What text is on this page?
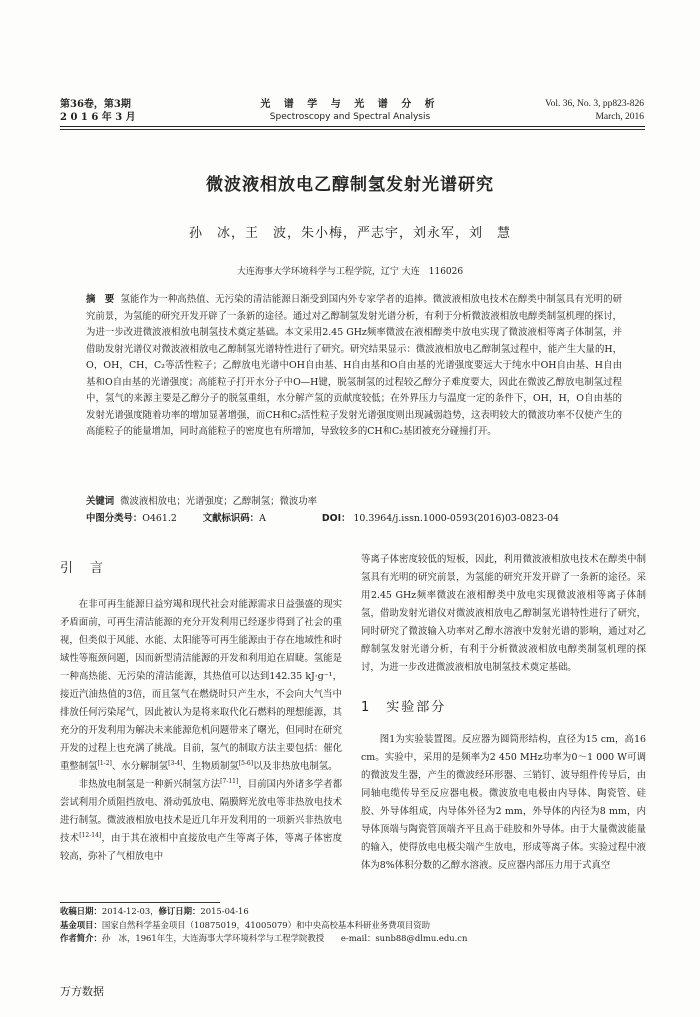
第36卷，第3期
2 0 1 6 年 3 月
光 谱 学 与 光 谱 分 析
Spectroscopy and Spectral Analysis
Vol. 36, No. 3, pp823-826
March, 2016
微波液相放电乙醇制氢发射光谱研究
孙　冰，王　波，朱小梅，严志宇，刘永军，刘　慧
大连海事大学环境科学与工程学院，辽宁 大连　116026
摘　要 氢能作为一种高热值、无污染的清洁能源日渐受到国内外专家学者的追捧。微波液相放电技术在醇类中制氢具有光明的研究前景，为氢能的研究开发开辟了一条新的途径。通过对乙醇制氢发射光谱分析，有利于分析微波液相放电醇类制氢机理的探讨，为进一步改进微波液相放电制氢技术奠定基础。本文采用2.45 GHz频率微波在液相醇类中放电实现了微波液相等离子体制氢，并借助发射光谱仪对微波液相放电乙醇制氢光谱特性进行了研究。研究结果显示：微波液相放电乙醇制氢过程中，能产生大量的H，O，OH，CH，C₂等活性粒子；乙醇放电光谱中OH自由基、H自由基和O自由基的光谱强度要远大于纯水中OH自由基、H自由基和O自由基的光谱强度；高能粒子打开水分子中O—H键，脱氢制氢的过程较乙醇分子难度要大，因此在微波乙醇放电制氢过程中，氢气的来源主要是乙醇分子的脱氢重组，水分解产氢的贡献度较低；在外界压力与温度一定的条件下，OH，H，O自由基的发射光谱强度随着功率的增加显著增强，而CH和C₂活性粒子发射光谱强度则出现减弱趋势，这表明较大的微波功率不仅使产生的高能粒子的能量增加，同时高能粒子的密度也有所增加，导致较多的CH和C₂基团被充分碰撞打开。
关键词 微波液相放电；光谱强度；乙醇制氢；微波功率
中图分类号：O461.2	文献标识码：A	DOI： 10.3964/j.issn.1000-0593(2016)03-0823-04
引　言

在非可再生能源日益穷竭和现代社会对能源需求日益强盛的现实矛盾面前，可再生清洁能源的充分开发利用已经逐步得到了社会的重视，但类似于风能、水能、太阳能等可再生能源由于存在地域性和时域性等瓶颈问题，因而新型清洁能源的开发和利用迫在眉睫。氢能是一种高热能、无污染的清洁能源，其热值可以达到142.35 kJ·g⁻¹，接近汽油热值的3倍，而且氢气在燃烧时只产生水，不会向大气当中排放任何污染尾气，因此被认为是将来取代化石燃料的理想能源，其充分的开发利用为解决未来能源危机问题带来了曙光，但同时在研究开发的过程上也充满了挑战。目前，氢气的制取方法主要包括：催化重整制氢[1-2]、水分解制氢[3-4]、生物质制氢[5-6]以及非热放电制氢。

非热放电制氢是一种新兴制氢方法[7-11]，目前国内外诸多学者都尝试利用介质阻挡放电、滑动弧放电、隔膜辉光放电等非热放电技术进行制氢。微波液相放电技术是近几年开发利用的一项新兴非热放电技术[12-14]，由于其在液相中直接放电产生等离子体，等离子体密度较高，弥补了气相放电中

等离子体密度较低的短板，因此，利用微波液相放电技术在醇类中制氢具有光明的研究前景，为氢能的研究开发开辟了一条新的途径。采用2.45 GHz频率微波在液相醇类中放电实现微波液相等离子体制氢，借助发射光谱仪对微波液相放电乙醇制氢光谱特性进行了研究，同时研究了微波输入功率对乙醇水溶液中发射光谱的影响，通过对乙醇制氢发射光谱分析，有利于分析微波液相放电醇类制氢机理的探讨，为进一步改进微波液相放电制氢技术奠定基础。

1　实验部分

图1为实验装置图。反应器为圆筒形结构，直径为15 cm，高16 cm。实验中，采用的是频率为2 450 MHz功率为0～1 000 W可调的微波发生器，产生的微波经环形器、三销钉、波导组件传导后，由同轴电缆传导至反应器电极。微波放电电极由内导体、陶瓷管、硅胶、外导体组成，内导体外径为2 mm，外导体的内径为8 mm，内导体顶端与陶瓷管顶端齐平且高于硅胶和外导体。由于大量微波能量的输入，使得放电电极尖端产生放电，形成等离子体。实验过程中液体为8%体积分数的乙醇水溶液。反应器内部压力用于式真空

收稿日期：2014-12-03，修订日期：2015-04-16
基金项目：国家自然科学基金项目（10875019，41005079）和中央高校基本科研业务费项目资助
作者简介：孙　冰，1961年生，大连海事大学环境科学与工程学院教授　　e-mail：sunb88@dlmu.edu.cn
万方数据
